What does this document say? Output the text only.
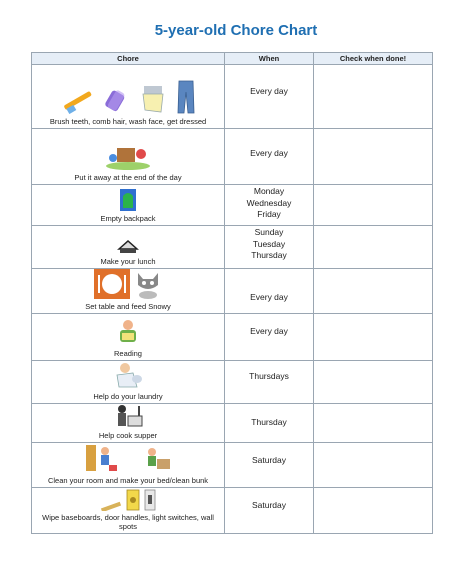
5-year-old Chore Chart
Chore	When	Check when done!

Brush teeth, comb hair, wash face, get dressed	Every day	

Put it away at the end of the day	Every day	

Empty backpack	Monday
Wednesday
Friday	

Make your lunch	Sunday
Tuesday
Thursday	

Set table and feed Snowy	Every day	

Reading	Every day	

Help do your laundry	Thursdays	

Help cook supper	Thursday	

Clean your room and make your bed/clean bunk	Saturday	

Wipe baseboards, door handles, light switches, wall spots	Saturday	
